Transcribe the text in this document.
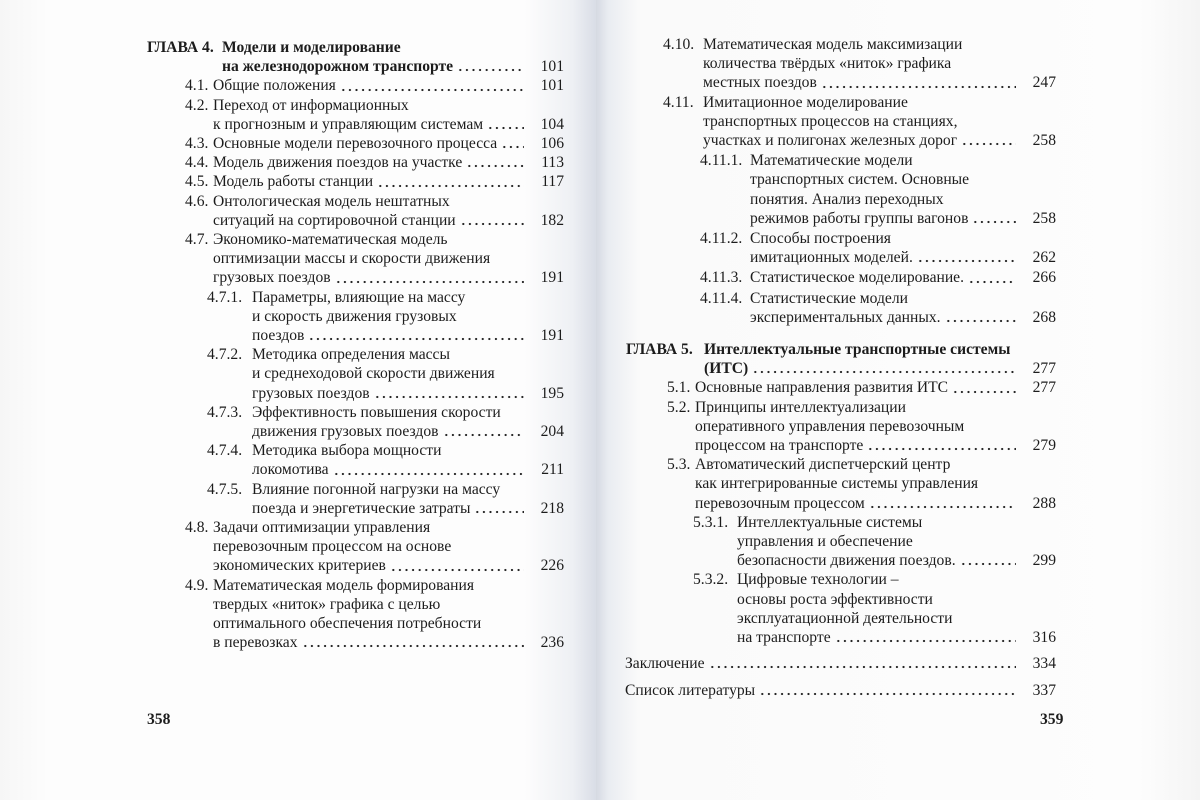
ГЛАВА 4. Модели и моделирование
на железнодорожном транспорте	101
4.1. Общие положения	101
4.2. Переход от информационных
к прогнозным и управляющим системам	104
4.3. Основные модели перевозочного процесса	106
4.4. Модель движения поездов на участке	113
4.5. Модель работы станции	117
4.6. Онтологическая модель нештатных
ситуаций на сортировочной станции	182
4.7. Экономико-математическая модель
оптимизации массы и скорости движения
грузовых поездов	191
4.7.1. Параметры, влияющие на массу
и скорость движения грузовых
поездов	191
4.7.2. Методика определения массы
и среднеходовой скорости движения
грузовых поездов	195
4.7.3. Эффективность повышения скорости
движения грузовых поездов	204
4.7.4. Методика выбора мощности
локомотива	211
4.7.5. Влияние погонной нагрузки на массу
поезда и энергетические затраты	218
4.8. Задачи оптимизации управления
перевозочным процессом на основе
экономических критериев	226
4.9. Математическая модель формирования
твердых «ниток» графика с целью
оптимального обеспечения потребности
в перевозках	236
358
4.10. Математическая модель максимизации
количества твёрдых «ниток» графика
местных поездов	247
4.11. Имитационное моделирование
транспортных процессов на станциях,
участках и полигонах железных дорог	258
4.11.1. Математические модели
транспортных систем. Основные
понятия. Анализ переходных
режимов работы группы вагонов	258
4.11.2. Способы построения
имитационных моделей.	262
4.11.3. Статистическое моделирование.	266
4.11.4. Статистические модели
экспериментальных данных.	268
ГЛАВА 5. Интеллектуальные транспортные системы
(ИТС)	277
5.1. Основные направления развития ИТС	277
5.2. Принципы интеллектуализации
оперативного управления перевозочным
процессом на транспорте	279
5.3. Автоматический диспетчерский центр
как интегрированные системы управления
перевозочным процессом	288
5.3.1. Интеллектуальные системы
управления и обеспечение
безопасности движения поездов.	299
5.3.2. Цифровые технологии –
основы роста эффективности
эксплуатационной деятельности
на транспорте	316
Заключение	334
Список литературы	337
359
